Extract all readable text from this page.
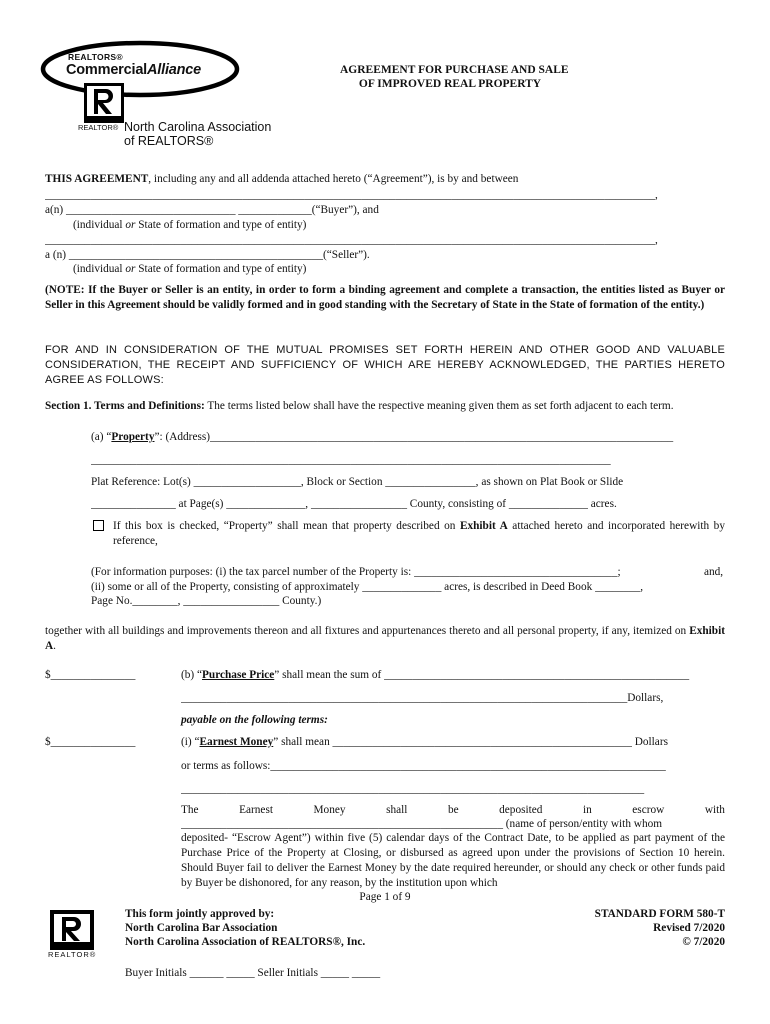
REALTORS®
CommercialAlliance
REALTOR® North Carolina Association
of REALTORS®
AGREEMENT FOR PURCHASE AND SALE
OF IMPROVED REAL PROPERTY
THIS AGREEMENT, including any and all addenda attached hereto (“Agreement”), is by and between
____________________________________________________________________________________________________________,
a(n) ______________________________ _____________(“Buyer”), and
(individual or State of formation and type of entity)
____________________________________________________________________________________________________________,
a (n) _____________________________________________(“Seller”).
(individual or State of formation and type of entity)
(NOTE: If the Buyer or Seller is an entity, in order to form a binding agreement and complete a transaction, the entities listed as Buyer or Seller in this Agreement should be validly formed and in good standing with the Secretary of State in the State of formation of the entity.)
FOR AND IN CONSIDERATION OF THE MUTUAL PROMISES SET FORTH HEREIN AND OTHER GOOD AND VALUABLE CONSIDERATION, THE RECEIPT AND SUFFICIENCY OF WHICH ARE HEREBY ACKNOWLEDGED, THE PARTIES HERETO AGREE AS FOLLOWS:
Section 1. Terms and Definitions: The terms listed below shall have the respective meaning given them as set forth adjacent to each term.
(a) “Property”: (Address)__________________________________________________________________________________
____________________________________________________________________________________________
Plat Reference: Lot(s) ___________________, Block or Section ________________, as shown on Plat Book or Slide
_______________ at Page(s) ______________, _________________ County, consisting of ______________ acres.
If this box is checked, “Property” shall mean that property described on Exhibit A attached hereto and incorporated herewith by reference,
(For information purposes: (i) the tax parcel number of the Property is: ____________________________________;	and,
(ii) some or all of the Property, consisting of approximately ______________ acres, is described in Deed Book ________,
Page No.________, _________________ County.)
together with all buildings and improvements thereon and all fixtures and appurtenances thereto and all personal property, if any, itemized on Exhibit A.
$_______________	(b) “Purchase Price” shall mean the sum of ______________________________________________________
_______________________________________________________________________________Dollars,
payable on the following terms:
$_______________	(i) “Earnest Money” shall mean _____________________________________________________ Dollars
or terms as follows:______________________________________________________________________
__________________________________________________________________________________
The	Earnest	Money	shall	be	deposited	in	escrow	with
_________________________________________________________ (name of person/entity with whom
deposited- “Escrow Agent”) within five (5) calendar days of the Contract Date, to be applied as part payment of the Purchase Price of the Property at Closing, or disbursed as agreed upon under the provisions of Section 10 herein. Should Buyer fail to deliver the Earnest Money by the date required hereunder, or should any check or other funds paid by Buyer be dishonored, for any reason, by the institution upon which
Page 1 of 9
REALTOR®
This form jointly approved by:
North Carolina Bar Association
North Carolina Association of REALTORS®, Inc.
STANDARD FORM 580-T
Revised 7/2020
© 7/2020
Buyer Initials ______ _____ Seller Initials _____ _____
